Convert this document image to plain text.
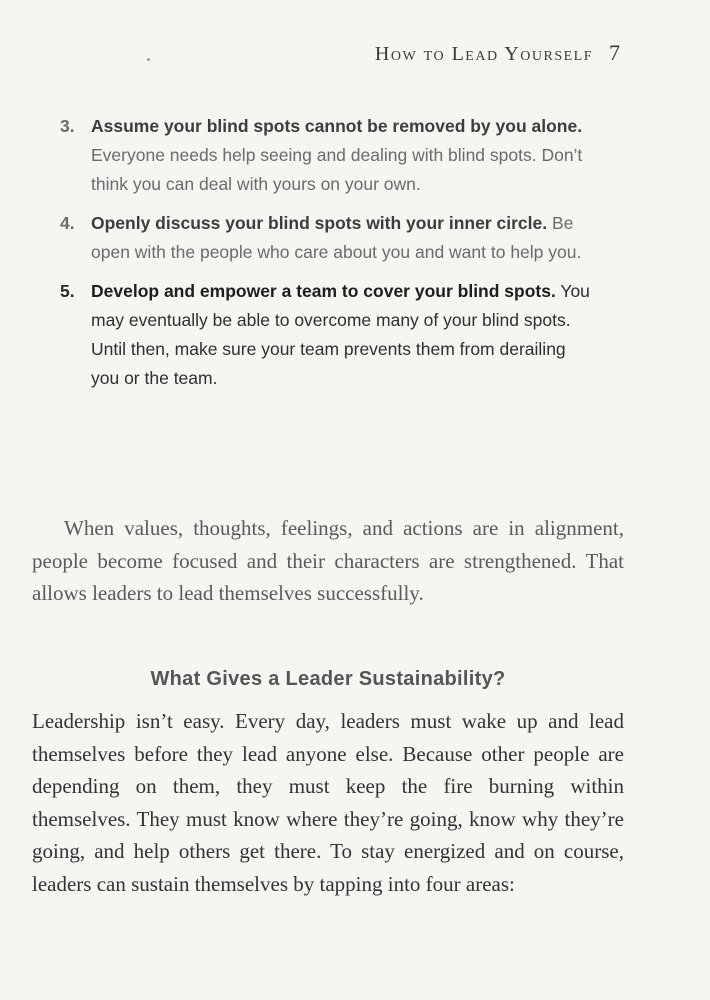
How to Lead Yourself 7
3. Assume your blind spots cannot be removed by you alone. Everyone needs help seeing and dealing with blind spots. Don’t think you can deal with yours on your own.
4. Openly discuss your blind spots with your inner circle. Be open with the people who care about you and want to help you.
5. Develop and empower a team to cover your blind spots. You may eventually be able to overcome many of your blind spots. Until then, make sure your team prevents them from derailing you or the team.

When values, thoughts, feelings, and actions are in alignment, people become focused and their characters are strengthened. That allows leaders to lead themselves successfully.

What Gives a Leader Sustainability?

Leadership isn’t easy. Every day, leaders must wake up and lead themselves before they lead anyone else. Because other people are depending on them, they must keep the fire burning within themselves. They must know where they’re going, know why they’re going, and help others get there. To stay energized and on course, leaders can sustain themselves by tapping into four areas:
